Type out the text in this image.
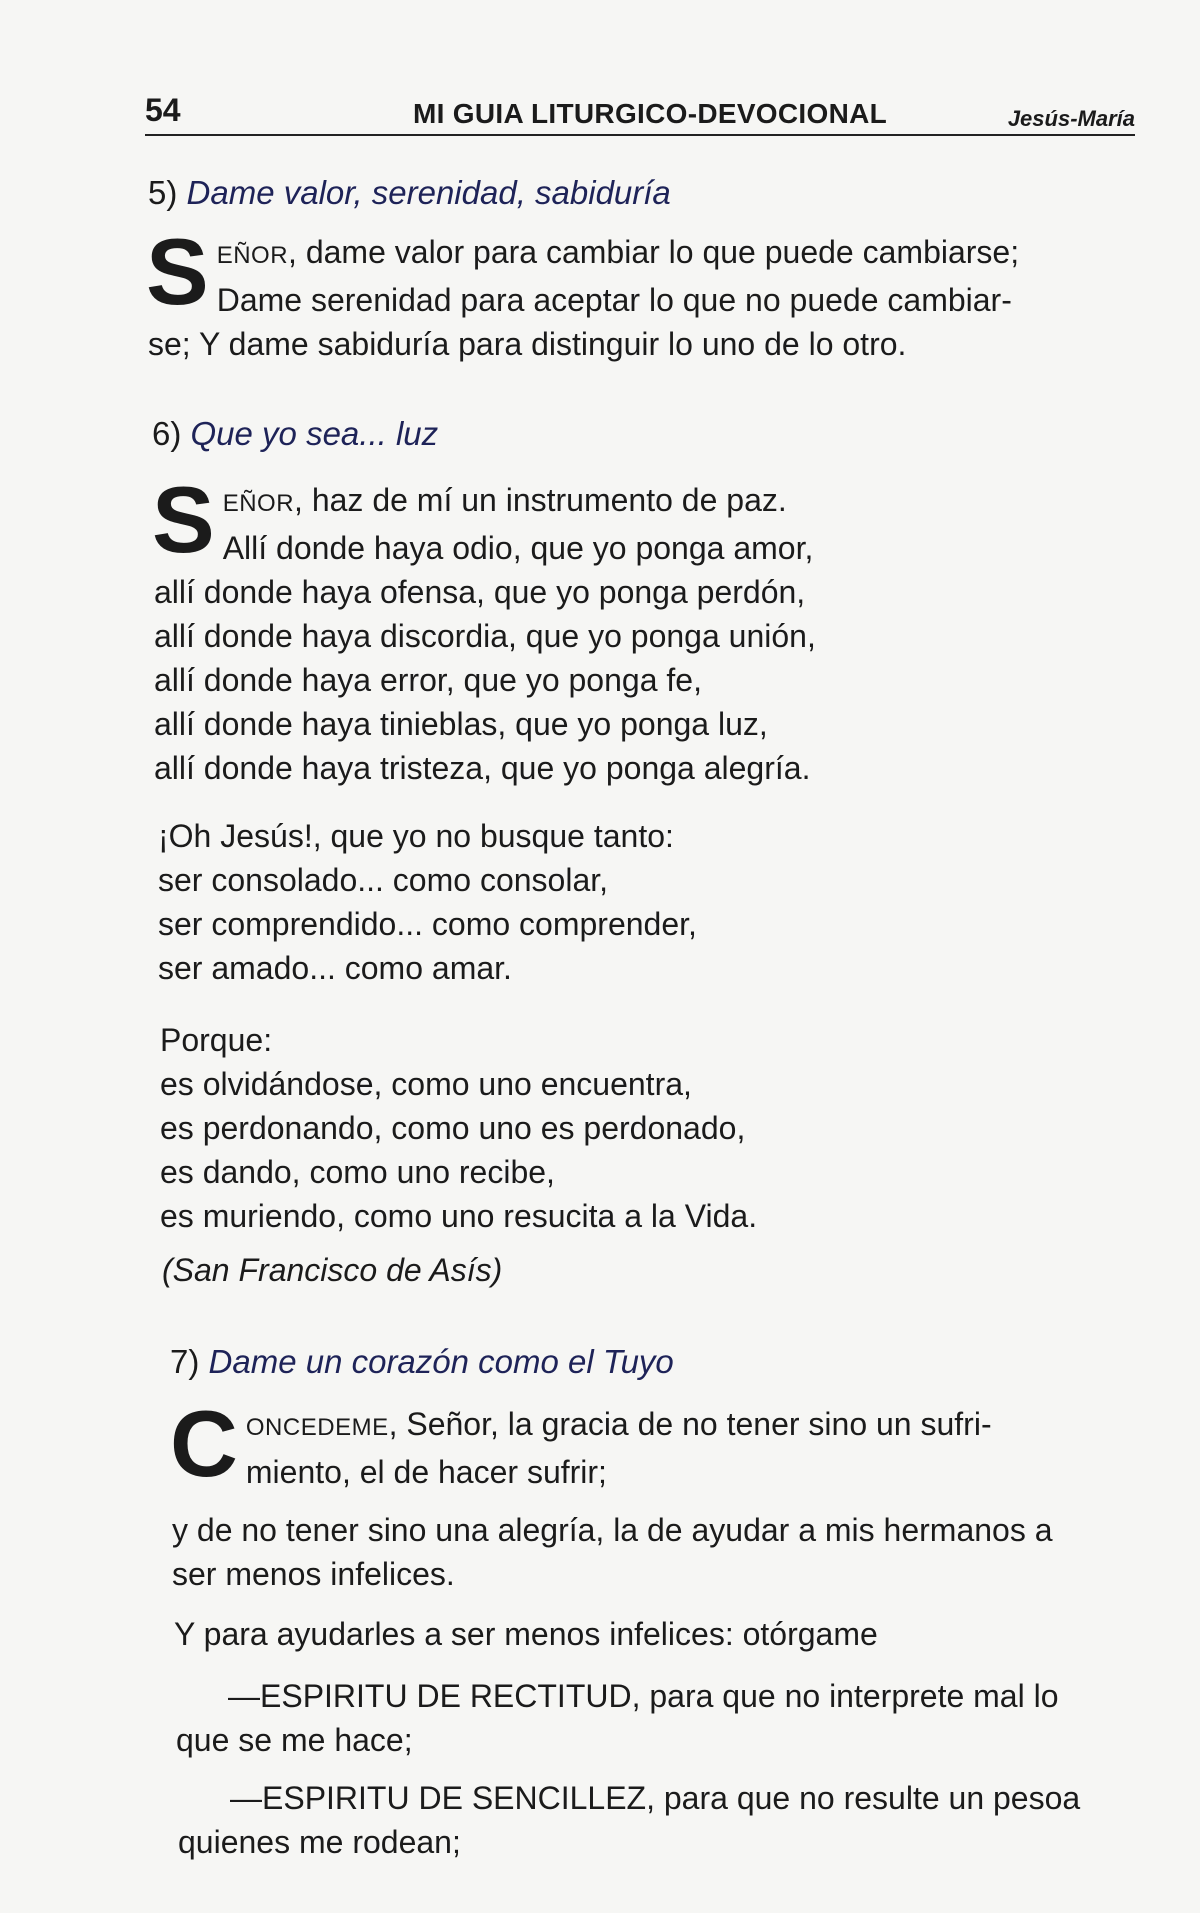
54	MI GUIA LITURGICO-DEVOCIONAL	Jesús-María
5) Dame valor, serenidad, sabiduría
S EÑOR, dame valor para cambiar lo que puede cambiarse;
Dame serenidad para aceptar lo que no puede cambiar-
se; Y dame sabiduría para distinguir lo uno de lo otro.
6) Que yo sea... luz
S EÑOR, haz de mí un instrumento de paz.
Allí donde haya odio, que yo ponga amor,
allí donde haya ofensa, que yo ponga perdón,
allí donde haya discordia, que yo ponga unión,
allí donde haya error, que yo ponga fe,
allí donde haya tinieblas, que yo ponga luz,
allí donde haya tristeza, que yo ponga alegría.
¡Oh Jesús!, que yo no busque tanto:
ser consolado... como consolar,
ser comprendido... como comprender,
ser amado... como amar.
Porque:
es olvidándose, como uno encuentra,
es perdonando, como uno es perdonado,
es dando, como uno recibe,
es muriendo, como uno resucita a la Vida.
(San Francisco de Asís)
7) Dame un corazón como el Tuyo
C ONCEDEME, Señor, la gracia de no tener sino un sufri-
miento, el de hacer sufrir;
y de no tener sino una alegría, la de ayudar a mis hermanos a
ser menos infelices.
Y para ayudarles a ser menos infelices: otórgame
—ESPIRITU DE RECTITUD, para que no interprete mal lo
que se me hace;
—ESPIRITU DE SENCILLEZ, para que no resulte un pesoa
quienes me rodean;
